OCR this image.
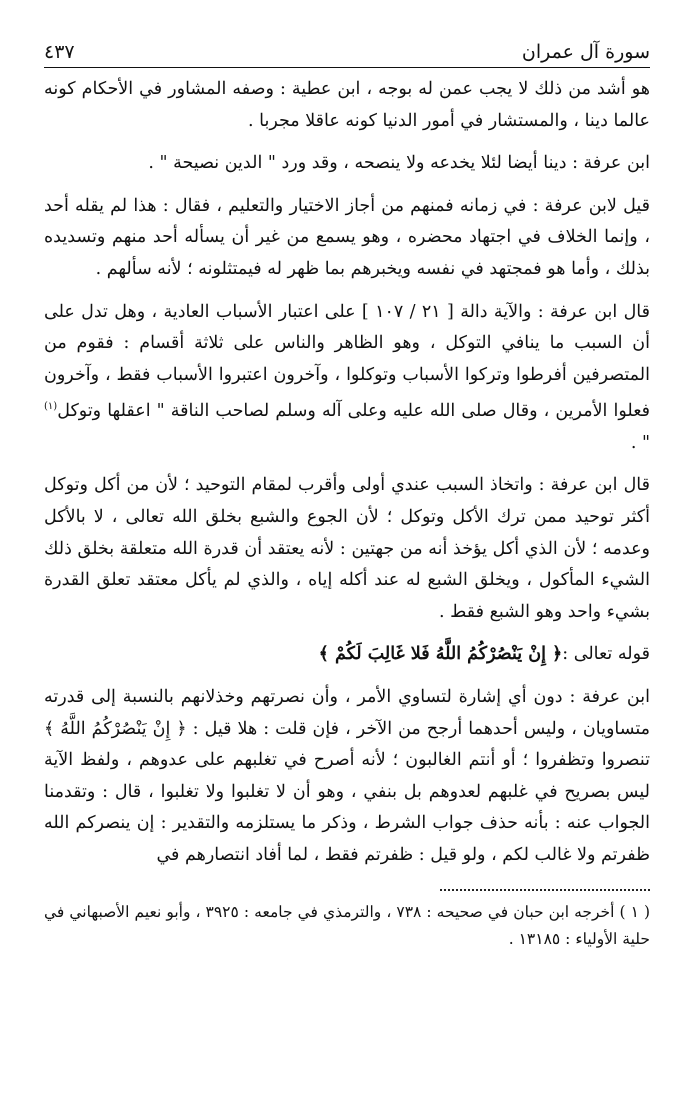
سورة آل عمران
٤٣٧

هو أشد من ذلك لا يجب عمن له بوجه ، ابن عطية : وصفه المشاور في الأحكام كونه عالما دينا ، والمستشار في أمور الدنيا كونه عاقلا مجربا .

ابن عرفة : دينا أيضا لئلا يخدعه ولا ينصحه ، وقد ورد " الدين نصيحة " .

قيل لابن عرفة : في زمانه فمنهم من أجاز الاختيار والتعليم ، فقال : هذا لم يقله أحد ، وإنما الخلاف في اجتهاد محضره ، وهو يسمع من غير أن يسأله أحد منهم وتسديده بذلك ، وأما هو فمجتهد في نفسه ويخبرهم بما ظهر له فيمتثلونه ؛ لأنه سألهم .

قال ابن عرفة : والآية دالة [ ٢١ / ١٠٧ ] على اعتبار الأسباب العادية ، وهل تدل على أن السبب ما ينافي التوكل ، وهو الظاهر والناس على ثلاثة أقسام : فقوم من المتصرفين أفرطوا وتركوا الأسباب وتوكلوا ، وآخرون اعتبروا الأسباب فقط ، وآخرون فعلوا الأمرين ، وقال صلى الله عليه وعلى آله وسلم لصاحب الناقة " اعقلها وتوكل$^{(١)}$ " .

قال ابن عرفة : واتخاذ السبب عندي أولى وأقرب لمقام التوحيد ؛ لأن من أكل وتوكل أكثر توحيد ممن ترك الأكل وتوكل ؛ لأن الجوع والشبع بخلق الله تعالى ، لا بالأكل وعدمه ؛ لأن الذي أكل يؤخذ أنه من جهتين : لأنه يعتقد أن قدرة الله متعلقة بخلق ذلك الشيء المأكول ، ويخلق الشبع له عند أكله إياه ، والذي لم يأكل معتقد تعلق القدرة بشيء واحد وهو الشبع فقط .

قوله تعالى :﴿ إِنْ يَنْصُرْكُمُ اللَّهُ فَلا غَالِبَ لَكُمْ ﴾

ابن عرفة : دون أي إشارة لتساوي الأمر ، وأن نصرتهم وخذلانهم بالنسبة إلى قدرته متساويان ، وليس أحدهما أرجح من الآخر ، فإن قلت : هلا قيل : ﴿ إِنْ يَنْصُرْكُمُ اللَّهُ ﴾ تنصروا وتظفروا ؛ أو أنتم الغالبون ؛ لأنه أصرح في تغلبهم على عدوهم ، ولفظ الآية ليس بصريح في غلبهم لعدوهم بل بنفي ، وهو أن لا تغلبوا ولا تغلبوا ، قال : وتقدمنا الجواب عنه : بأنه حذف جواب الشرط ، وذكر ما يستلزمه والتقدير : إن ينصركم الله ظفرتم ولا غالب لكم ، ولو قيل : ظفرتم فقط ، لما أفاد انتصارهم في

( ١ ) أخرجه ابن حبان في صحيحه : ٧٣٨ ، والترمذي في جامعه : ٣٩٢٥ ، وأبو نعيم الأصبهاني في حلية الأولياء : ١٣١٨٥ .
